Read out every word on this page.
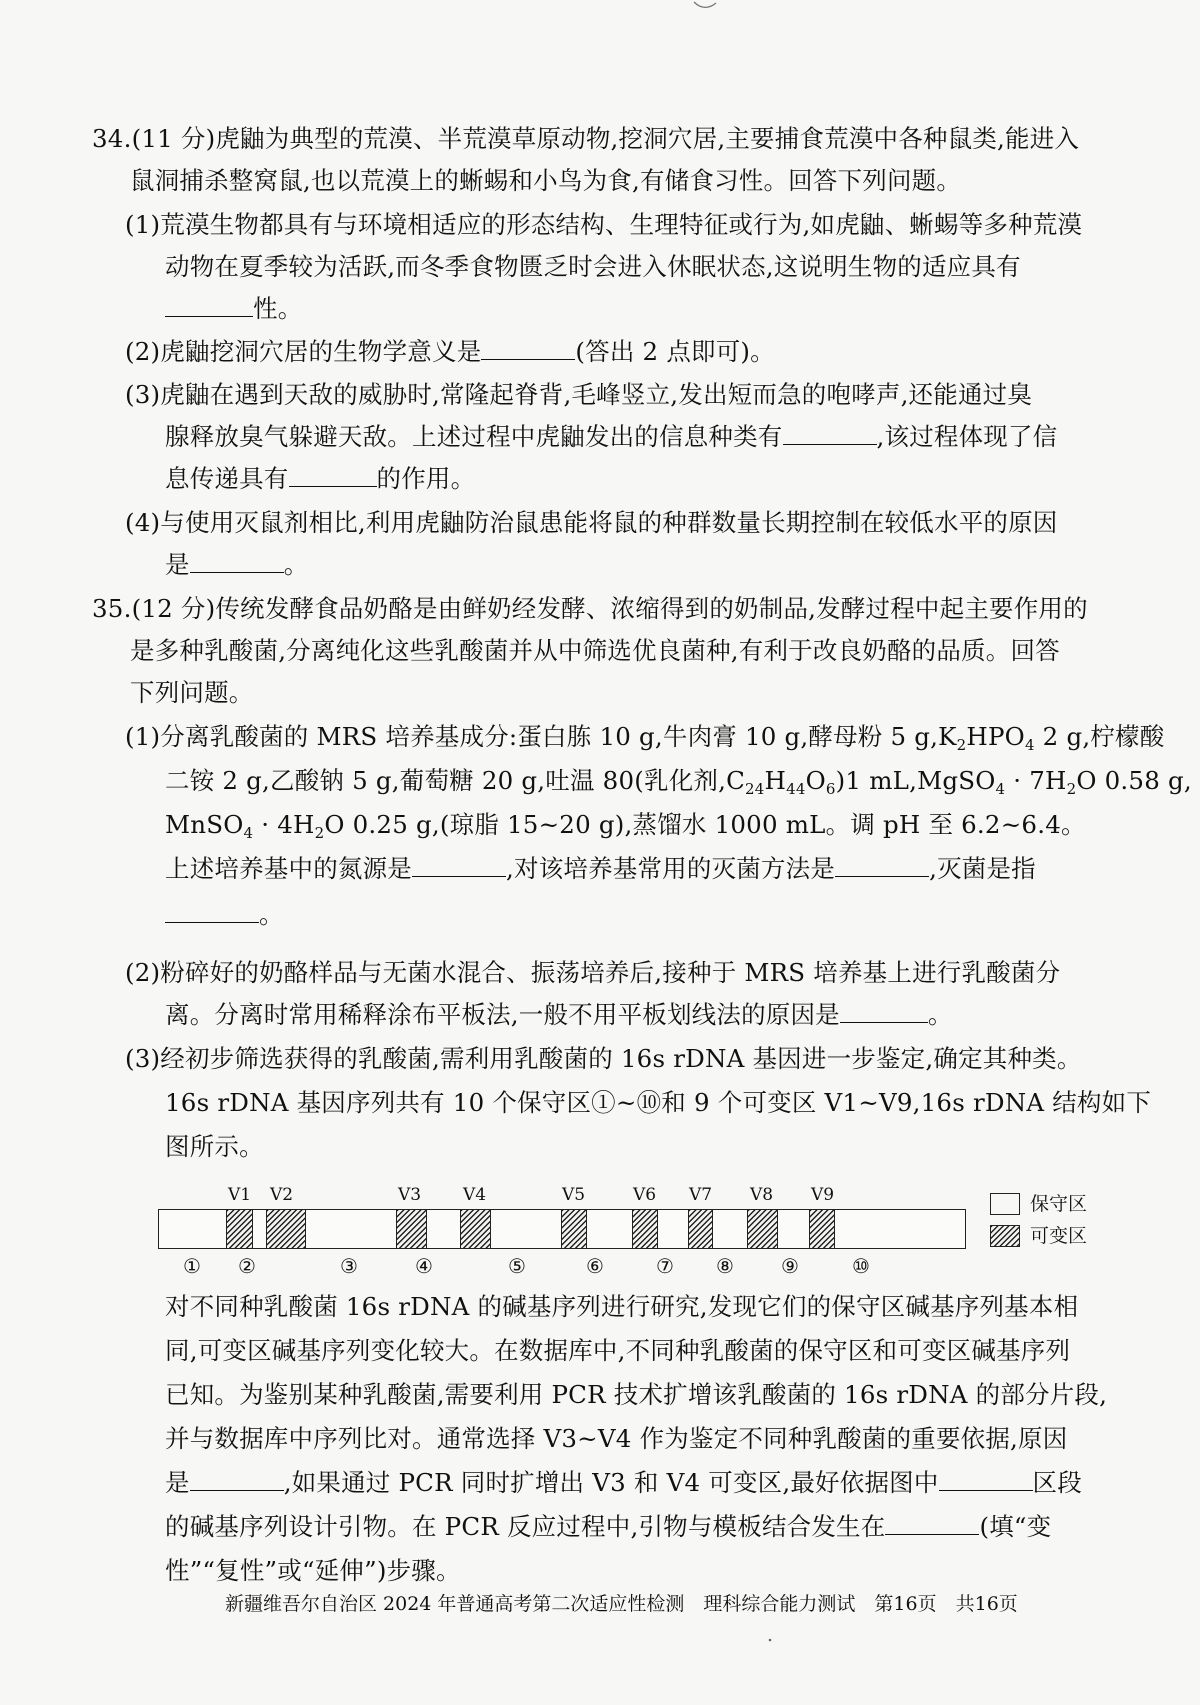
34.(11 分)虎鼬为典型的荒漠、半荒漠草原动物,挖洞穴居,主要捕食荒漠中各种鼠类,能进入
鼠洞捕杀整窝鼠,也以荒漠上的蜥蜴和小鸟为食,有储食习性。回答下列问题。
(1)荒漠生物都具有与环境相适应的形态结构、生理特征或行为,如虎鼬、蜥蜴等多种荒漠
动物在夏季较为活跃,而冬季食物匮乏时会进入休眠状态,这说明生物的适应具有
性。
(2)虎鼬挖洞穴居的生物学意义是	(答出 2 点即可)。
(3)虎鼬在遇到天敌的威胁时,常隆起脊背,毛峰竖立,发出短而急的咆哮声,还能通过臭
腺释放臭气躲避天敌。上述过程中虎鼬发出的信息种类有	,该过程体现了信
息传递具有	的作用。
(4)与使用灭鼠剂相比,利用虎鼬防治鼠患能将鼠的种群数量长期控制在较低水平的原因
是	。
35.(12 分)传统发酵食品奶酪是由鲜奶经发酵、浓缩得到的奶制品,发酵过程中起主要作用的
是多种乳酸菌,分离纯化这些乳酸菌并从中筛选优良菌种,有利于改良奶酪的品质。回答
下列问题。
(1)分离乳酸菌的 MRS 培养基成分:蛋白胨 10 g,牛肉膏 10 g,酵母粉 5 $g,K_2HPO_4$ 2 g,柠檬酸
二铵 2 g,乙酸钠 5 g,葡萄糖 20 g,吐温 80(乳化剂$,C_{24}H_{44}O_6)1$ mL,MgSO$_4$ · $7H_2O$ 0.58 g,
MnSO$_4$ · $4H_2O$ 0.25 g,(琼脂 15~20 g),蒸馏水 1000 mL。调 pH 至 6.2~6.4。
上述培养基中的氮源是	,对该培养基常用的灭菌方法是	,灭菌是指
。
(2)粉碎好的奶酪样品与无菌水混合、振荡培养后,接种于 MRS 培养基上进行乳酸菌分
离。分离时常用稀释涂布平板法,一般不用平板划线法的原因是	。
(3)经初步筛选获得的乳酸菌,需利用乳酸菌的 16s rDNA 基因进一步鉴定,确定其种类。
16s rDNA 基因序列共有 10 个保守区①~⑩和 9 个可变区 V1~V9,16s rDNA 结构如下
图所示。
V1 V2	V3 V4	V5	V6 V7 V8 V9
① ②	③	④	⑤	⑥	⑦ ⑧ ⑨	⑩
保守区
可变区
对不同种乳酸菌 16s rDNA 的碱基序列进行研究,发现它们的保守区碱基序列基本相
同,可变区碱基序列变化较大。在数据库中,不同种乳酸菌的保守区和可变区碱基序列
已知。为鉴别某种乳酸菌,需要利用 PCR 技术扩增该乳酸菌的 16s rDNA 的部分片段,
并与数据库中序列比对。通常选择 V3~V4 作为鉴定不同种乳酸菌的重要依据,原因
是	,如果通过 PCR 同时扩增出 V3 和 V4 可变区,最好依据图中	区段
的碱基序列设计引物。在 PCR 反应过程中,引物与模板结合发生在	(填“变
性”“复性”或“延伸”)步骤。
新疆维吾尔自治区 2024 年普通高考第二次适应性检测　理科综合能力测试　第16页　共16页
